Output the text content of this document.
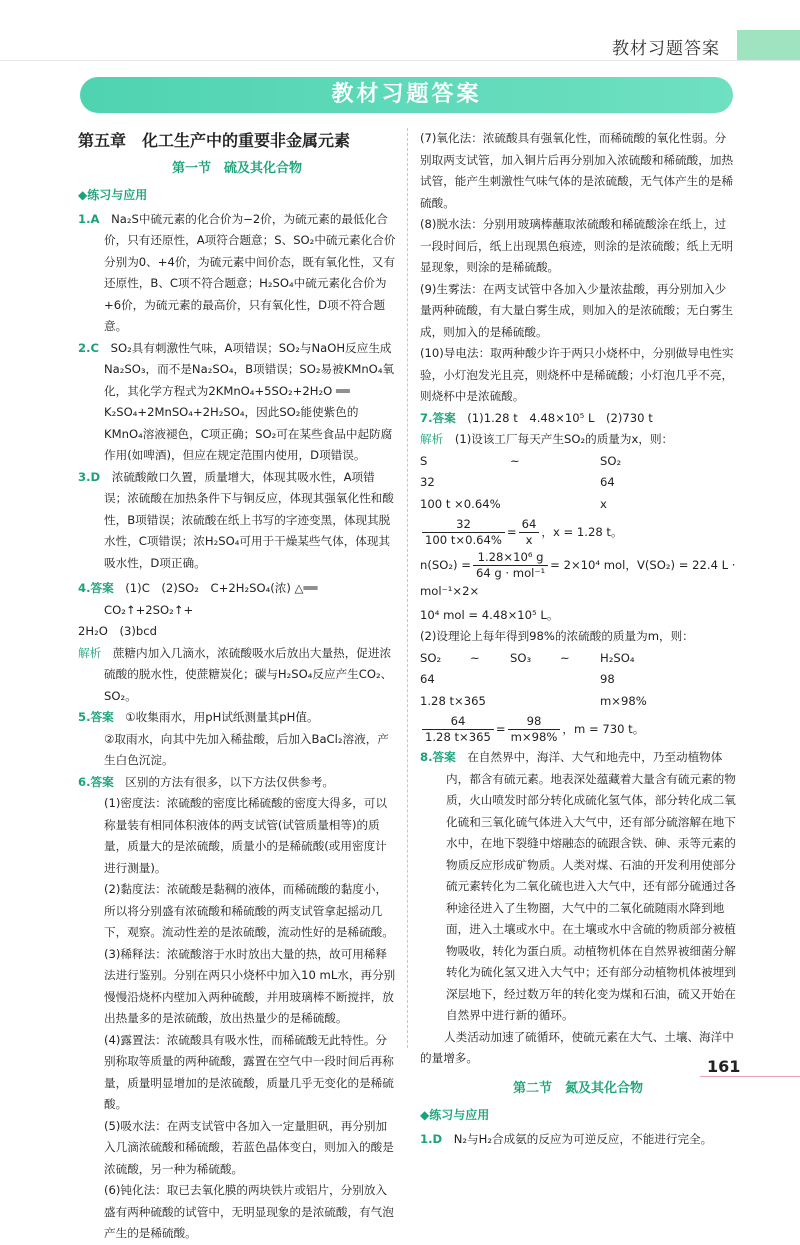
教材习题答案
教材习题答案
第五章　化工生产中的重要非金属元素
第一节　硫及其化合物
◆练习与应用

1.A　 Na₂S中硫元素的化合价为−2价，为硫元素的最低化合价，只有还原性，A项符合题意；S、SO₂中硫元素化合价分别为0、+4价，为硫元素中间价态，既有氧化性，又有还原性，B、C项不符合题意；H₂SO₄中硫元素化合价为+6价，为硫元素的最高价，只有氧化性，D项不符合题意。

2.C　 SO₂具有刺激性气味，A项错误；SO₂与NaOH反应生成Na₂SO₃，而不是Na₂SO₄，B项错误；SO₂易被KMnO₄氧化，其化学方程式为2KMnO₄+5SO₂+2H₂O ══ K₂SO₄+2MnSO₄+2H₂SO₄，因此SO₂能使紫色的KMnO₄溶液褪色，C项正确；SO₂可在某些食品中起防腐作用(如啤酒)，但应在规定范围内使用，D项错误。

3.D　 浓硫酸敞口久置，质量增大，体现其吸水性，A项错误；浓硫酸在加热条件下与铜反应，体现其强氧化性和酸性，B项错误；浓硫酸在纸上书写的字迹变黑，体现其脱水性，C项错误；浓H₂SO₄可用于干燥某些气体，体现其吸水性，D项正确。

4.答案　 (1)C　(2)SO₂　C+2H₂SO₄(浓) △══ CO₂↑+2SO₂↑+

2H₂O　(3)bcd

解析　 蔗糖内加入几滴水，浓硫酸吸水后放出大量热，促进浓硫酸的脱水性，使蔗糖炭化；碳与H₂SO₄反应产生CO₂、SO₂。

5.答案　 ①收集雨水，用pH试纸测量其pH值。

②取雨水，向其中先加入稀盐酸，后加入BaCl₂溶液，产生白色沉淀。

6.答案　 区别的方法有很多，以下方法仅供参考。

(1)密度法：浓硫酸的密度比稀硫酸的密度大得多，可以称量装有相同体积液体的两支试管(试管质量相等)的质量，质量大的是浓硫酸，质量小的是稀硫酸(或用密度计进行测量)。

(2)黏度法：浓硫酸是黏稠的液体，而稀硫酸的黏度小，所以将分别盛有浓硫酸和稀硫酸的两支试管拿起摇动几下，观察。流动性差的是浓硫酸，流动性好的是稀硫酸。

(3)稀释法：浓硫酸溶于水时放出大量的热，故可用稀释法进行鉴别。分别在两只小烧杯中加入10 mL水，再分别慢慢沿烧杯内壁加入两种硫酸，并用玻璃棒不断搅拌，放出热量多的是浓硫酸，放出热量少的是稀硫酸。

(4)露置法：浓硫酸具有吸水性，而稀硫酸无此特性。分别称取等质量的两种硫酸，露置在空气中一段时间后再称量，质量明显增加的是浓硫酸，质量几乎无变化的是稀硫酸。

(5)吸水法：在两支试管中各加入一定量胆矾，再分别加入几滴浓硫酸和稀硫酸，若蓝色晶体变白，则加入的酸是浓硫酸，另一种为稀硫酸。

(6)钝化法：取已去氧化膜的两块铁片或铝片，分别放入盛有两种硫酸的试管中，无明显现象的是浓硫酸，有气泡产生的是稀硫酸。

(7)氧化法：浓硫酸具有强氧化性，而稀硫酸的氧化性弱。分别取两支试管，加入铜片后再分别加入浓硫酸和稀硫酸，加热试管，能产生刺激性气味气体的是浓硫酸，无气体产生的是稀硫酸。

(8)脱水法：分别用玻璃棒蘸取浓硫酸和稀硫酸涂在纸上，过一段时间后，纸上出现黑色痕迹，则涂的是浓硫酸；纸上无明显现象，则涂的是稀硫酸。

(9)生雾法：在两支试管中各加入少量浓盐酸，再分别加入少量两种硫酸，有大量白雾生成，则加入的是浓硫酸；无白雾生成，则加入的是稀硫酸。

(10)导电法：取两种酸少许于两只小烧杯中，分别做导电性实验，小灯泡发光且亮，则烧杯中是稀硫酸；小灯泡几乎不亮，则烧杯中是浓硫酸。

7.答案　 (1)1.28 t　4.48×10⁵ L　(2)730 t

解析　 (1)设该工厂每天产生SO₂的质量为x，则：

S	~	SO₂
32	64
100 t ×0.64%	x

$\frac{32}{100 t\times 0.64\%} = \frac{64}{x}$ ，x = 1.28 t。

$n(SO_2) = \frac{\text{1.28×10⁶ g}}{\text{64 g · mol⁻¹}} = 2\times 10^4$ mol，V(SO₂) = 22.4 L · mol⁻¹×2×

10⁴ mol = 4.48×10⁵ L。

(2)设理论上每年得到98%的浓硫酸的质量为m，则：

SO₂	~	SO₃	~	H₂SO₄
64	98
1.28 t×365	m×98%

$\frac{64}{1.28 t\times 365} = \frac{98}{m\times 98\%}$ ，m = 730 t。

8.答案　 在自然界中，海洋、大气和地壳中，乃至动植物体内，都含有硫元素。地表深处蕴藏着大量含有硫元素的物质，火山喷发时部分转化成硫化氢气体，部分转化成二氧化硫和三氧化硫气体进入大气中，还有部分硫溶解在地下水中，在地下裂缝中熔融态的硫跟含铁、砷、汞等元素的物质反应形成矿物质。人类对煤、石油的开发利用使部分硫元素转化为二氧化硫也进入大气中，还有部分硫通过各种途径进入了生物圈，大气中的二氧化硫随雨水降到地面，进入土壤或水中。在土壤或水中含硫的物质部分被植物吸收，转化为蛋白质。动植物机体在自然界被细菌分解转化为硫化氢又进入大气中；还有部分动植物机体被埋到深层地下，经过数万年的转化变为煤和石油，硫又开始在自然界中进行新的循环。

人类活动加速了硫循环，使硫元素在大气、土壤、海洋中的量增多。

第二节　氮及其化合物
◆练习与应用

1.D　 N₂与H₂合成氨的反应为可逆反应，不能进行完全。

161
